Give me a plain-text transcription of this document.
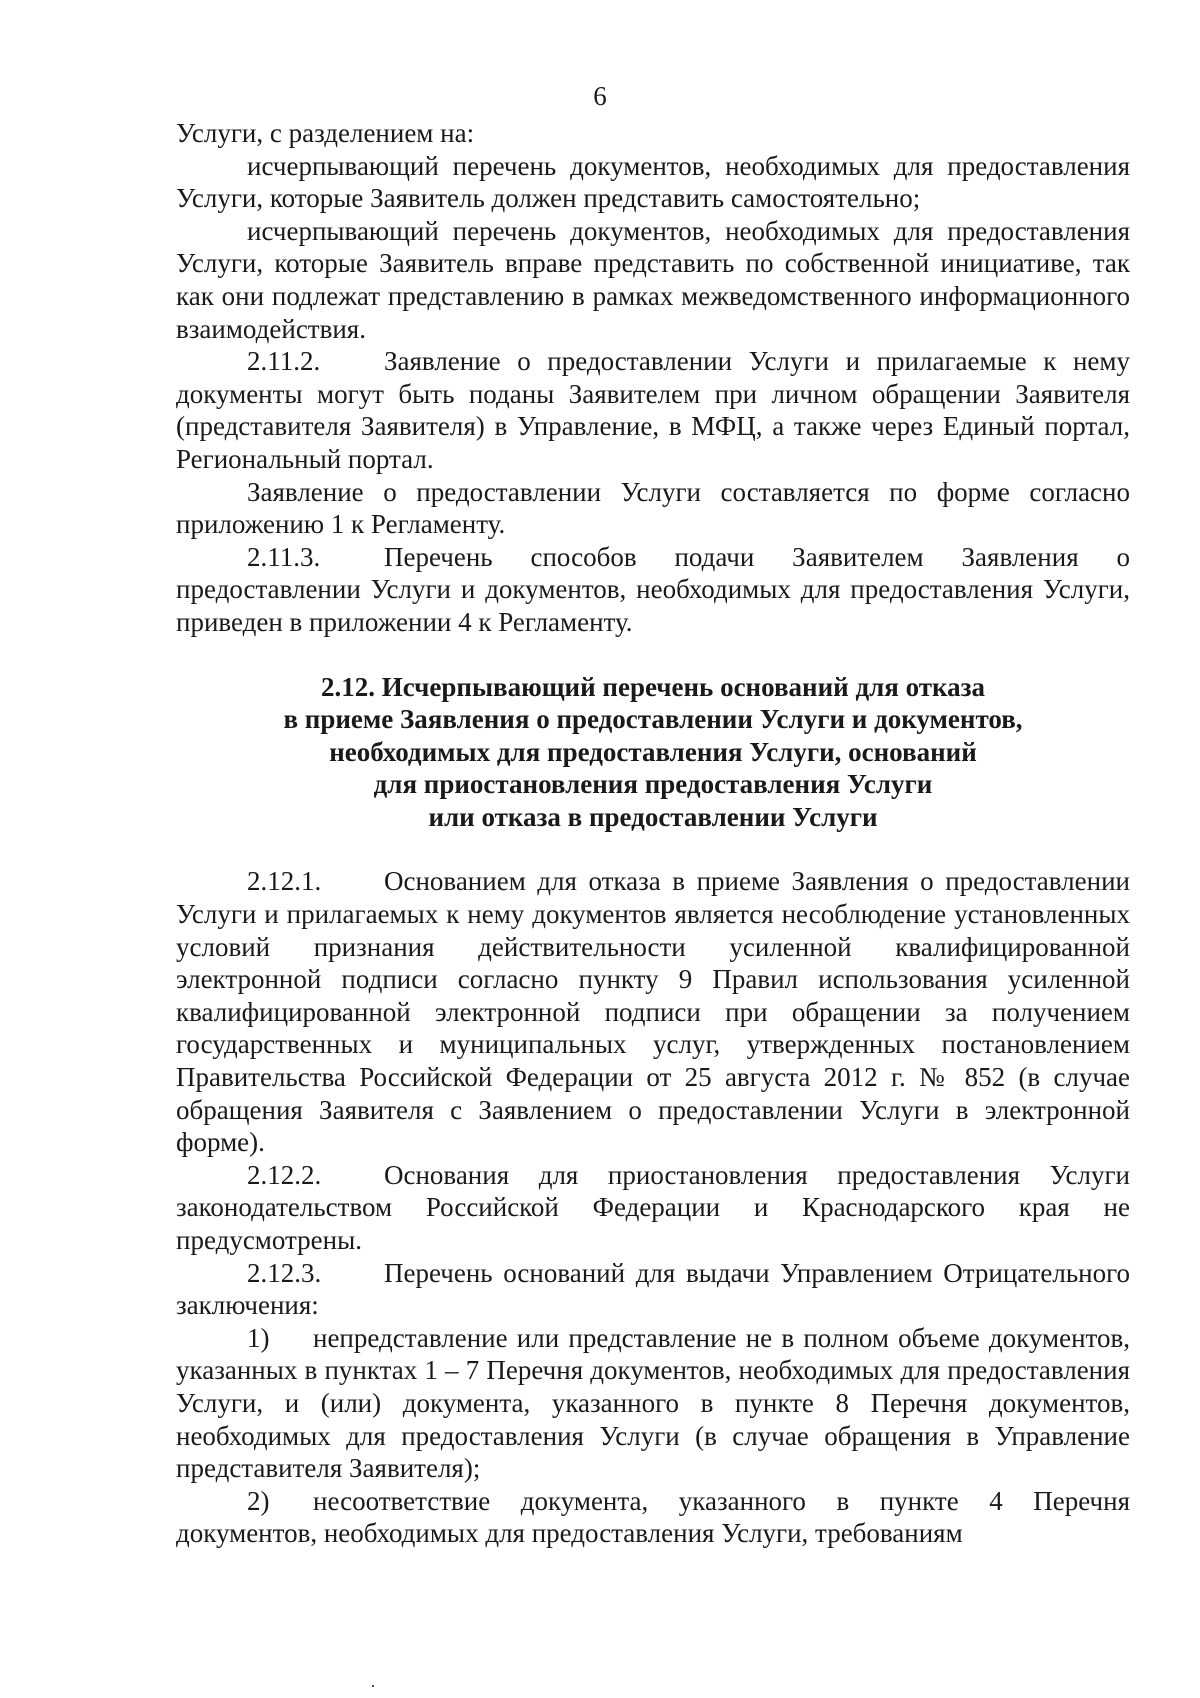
6

Услуги, с разделением на:

исчерпывающий перечень документов, необходимых для предоставления Услуги, которые Заявитель должен представить самостоятельно;

исчерпывающий перечень документов, необходимых для предоставления Услуги, которые Заявитель вправе представить по собственной инициативе, так как они подлежат представлению в рамках межведомственного информационного взаимодействия.

2.11.2. Заявление о предоставлении Услуги и прилагаемые к нему документы могут быть поданы Заявителем при личном обращении Заявителя (представителя Заявителя) в Управление, в МФЦ, а также через Единый портал, Региональный портал.

Заявление о предоставлении Услуги составляется по форме согласно приложению 1 к Регламенту.

2.11.3. Перечень способов подачи Заявителем Заявления о предоставлении Услуги и документов, необходимых для предоставления Услуги, приведен в приложении 4 к Регламенту.

2.12. Исчерпывающий перечень оснований для отказа
в приеме Заявления о предоставлении Услуги и документов,
необходимых для предоставления Услуги, оснований
для приостановления предоставления Услуги
или отказа в предоставлении Услуги

2.12.1. Основанием для отказа в приеме Заявления о предоставлении Услуги и прилагаемых к нему документов является несоблюдение установленных условий признания действительности усиленной квалифицированной электронной подписи согласно пункту 9 Правил использования усиленной квалифицированной электронной подписи при обращении за получением государственных и муниципальных услуг, утвержденных постановлением Правительства Российской Федерации от 25 августа 2012 г. № 852 (в случае обращения Заявителя с Заявлением о предоставлении Услуги в электронной форме).

2.12.2. Основания для приостановления предоставления Услуги законодательством Российской Федерации и Краснодарского края не предусмотрены.

2.12.3. Перечень оснований для выдачи Управлением Отрицательного заключения:

1) непредставление или представление не в полном объеме документов, указанных в пунктах 1 – 7 Перечня документов, необходимых для предоставления Услуги, и (или) документа, указанного в пункте 8 Перечня документов, необходимых для предоставления Услуги (в случае обращения в Управление представителя Заявителя);

2) несоответствие документа, указанного в пункте 4 Перечня документов, необходимых для предоставления Услуги, требованиям
